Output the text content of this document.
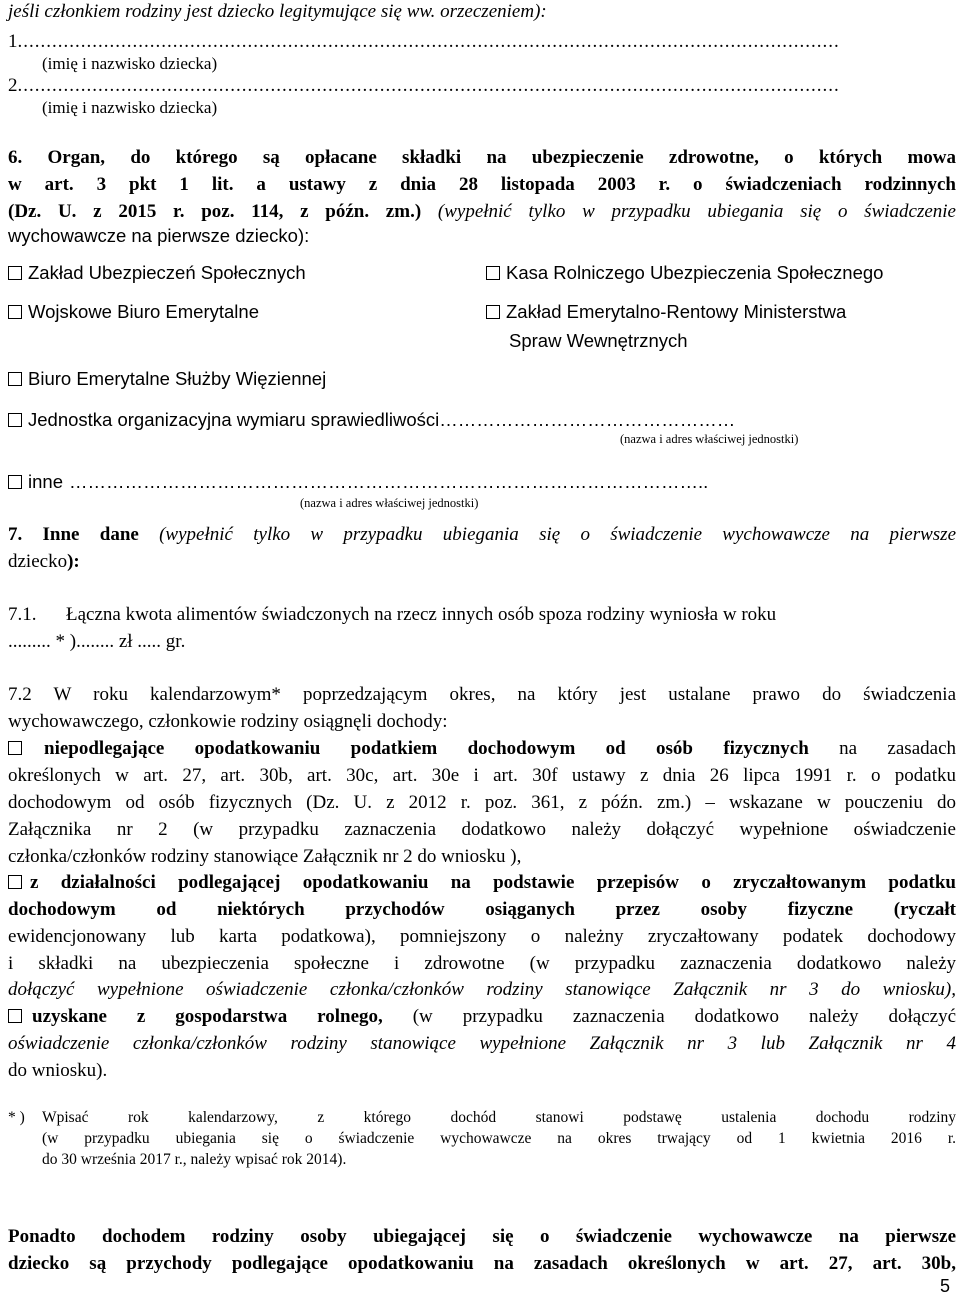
jeśli członkiem rodziny jest dziecko legitymujące się ww. orzeczeniem):
1...............................................................................................................................................
(imię i nazwisko dziecka)
2...............................................................................................................................................
(imię i nazwisko dziecka)
6. Organ, do którego są opłacane składki na ubezpieczenie zdrowotne, o których mowa
w art. 3 pkt 1 lit. a ustawy z dnia 28 listopada 2003 r. o świadczeniach rodzinnych
(Dz. U. z 2015 r. poz. 114, z późn. zm.) (wypełnić tylko w przypadku ubiegania się o świadczenie
wychowawcze na pierwsze dziecko):
Zakład Ubezpieczeń Społecznych	Kasa Rolniczego Ubezpieczenia Społecznego
Wojskowe Biuro Emerytalne	Zakład Emerytalno-Rentowy Ministerstwa
Spraw Wewnętrznych
Biuro Emerytalne Służby Więziennej
Jednostka organizacyjna wymiaru sprawiedliwości…………………………………………
(nazwa i adres właściwej jednostki)
inne …………………………………………………………………………………………..
(nazwa i adres właściwej jednostki)
7. Inne dane (wypełnić tylko w przypadku ubiegania się o świadczenie wychowawcze na pierwsze
dziecko):
7.1. Łączna kwota alimentów świadczonych na rzecz innych osób spoza rodziny wyniosła w roku
......... * )........ zł ..... gr.
7.2 W roku kalendarzowym* poprzedzającym okres, na który jest ustalane prawo do świadczenia
wychowawczego, członkowie rodziny osiągnęli dochody:
niepodlegające opodatkowaniu podatkiem dochodowym od osób fizycznych na zasadach
określonych w art. 27, art. 30b, art. 30c, art. 30e i art. 30f ustawy z dnia 26 lipca 1991 r. o podatku
dochodowym od osób fizycznych (Dz. U. z 2012 r. poz. 361, z późn. zm.) – wskazane w pouczeniu do
Załącznika nr 2 (w przypadku zaznaczenia dodatkowo należy dołączyć wypełnione oświadczenie
członka/członków rodziny stanowiące Załącznik nr 2 do wniosku ),
z działalności podlegającej opodatkowaniu na podstawie przepisów o zryczałtowanym podatku
dochodowym od niektórych przychodów osiąganych przez osoby fizyczne (ryczałt
ewidencjonowany lub karta podatkowa), pomniejszony o należny zryczałtowany podatek dochodowy
i składki na ubezpieczenia społeczne i zdrowotne (w przypadku zaznaczenia dodatkowo należy
dołączyć wypełnione oświadczenie członka/członków rodziny stanowiące Załącznik nr 3 do wniosku),
uzyskane z gospodarstwa rolnego, (w przypadku zaznaczenia dodatkowo należy dołączyć
oświadczenie członka/członków rodziny stanowiące wypełnione Załącznik nr 3 lub Załącznik nr 4
do wniosku).
* ) Wpisać rok kalendarzowy, z którego dochód stanowi podstawę ustalenia dochodu rodziny
(w przypadku ubiegania się o świadczenie wychowawcze na okres trwający od 1 kwietnia 2016 r.
do 30 września 2017 r., należy wpisać rok 2014).
Ponadto dochodem rodziny osoby ubiegającej się o świadczenie wychowawcze na pierwsze
dziecko są przychody podlegające opodatkowaniu na zasadach określonych w art. 27, art. 30b,
5
